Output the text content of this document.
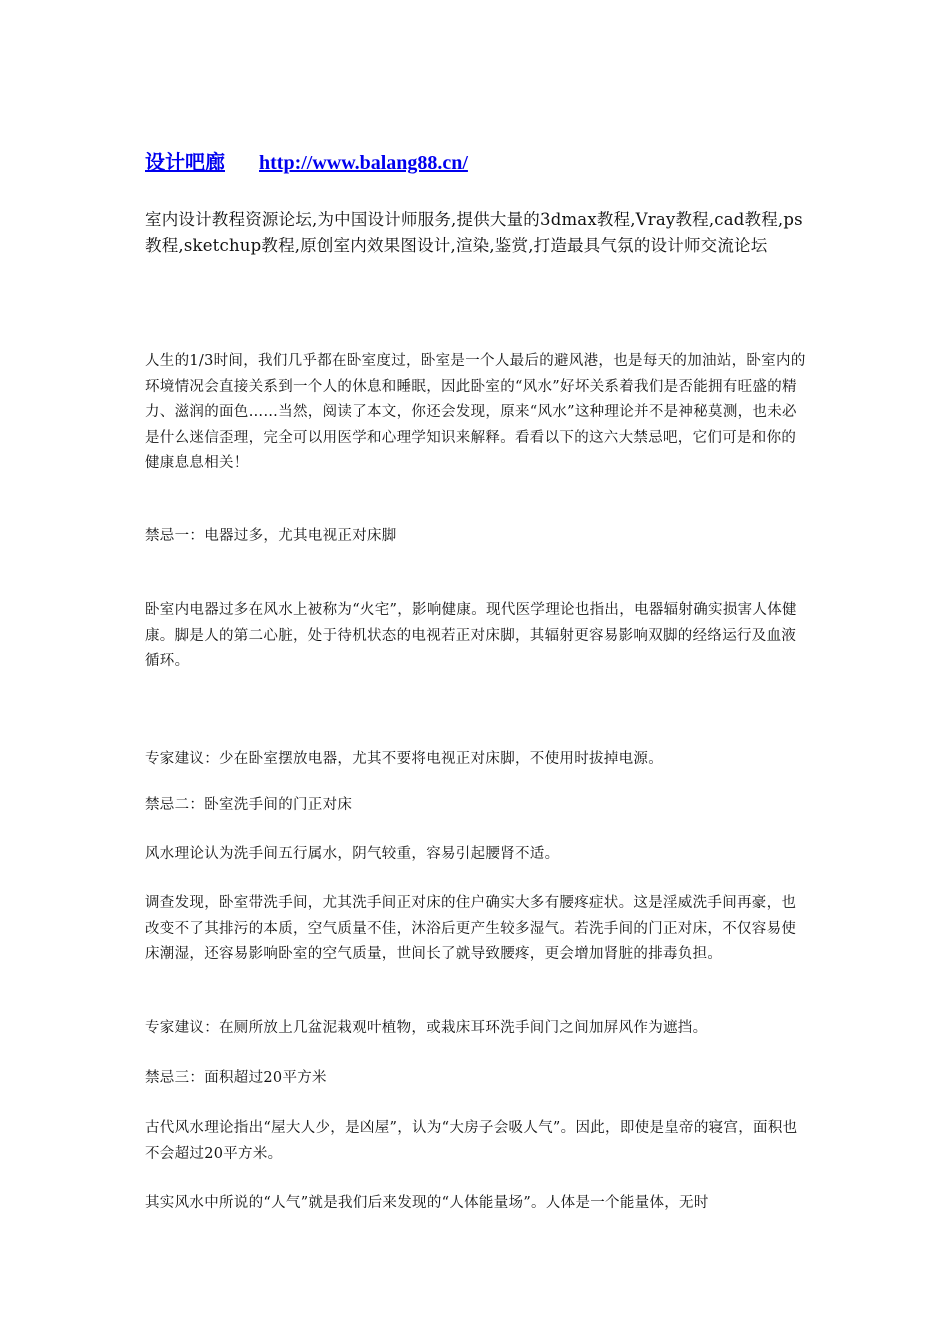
设计吧廊 http://www.balang88.cn/
室内设计教程资源论坛,为中国设计师服务,提供大量的3dmax教程,Vray教程,cad教程,ps教程,sketchup教程,原创室内效果图设计,渲染,鉴赏,打造最具气氛的设计师交流论坛

人生的1/3时间，我们几乎都在卧室度过，卧室是一个人最后的避风港，也是每天的加油站，卧室内的环境情况会直接关系到一个人的休息和睡眠，因此卧室的“风水”好坏关系着我们是否能拥有旺盛的精力、滋润的面色……当然，阅读了本文，你还会发现，原来“风水”这种理论并不是神秘莫测，也未必是什么迷信歪理，完全可以用医学和心理学知识来解释。看看以下的这六大禁忌吧，它们可是和你的健康息息相关！

禁忌一：电器过多，尤其电视正对床脚

卧室内电器过多在风水上被称为“火宅”，影响健康。现代医学理论也指出，电器辐射确实损害人体健康。脚是人的第二心脏，处于待机状态的电视若正对床脚，其辐射更容易影响双脚的经络运行及血液循环。

专家建议：少在卧室摆放电器，尤其不要将电视正对床脚，不使用时拔掉电源。

禁忌二：卧室洗手间的门正对床

风水理论认为洗手间五行属水，阴气较重，容易引起腰肾不适。

调查发现，卧室带洗手间，尤其洗手间正对床的住户确实大多有腰疼症状。这是淫威洗手间再豪，也改变不了其排污的本质，空气质量不佳，沐浴后更产生较多湿气。若洗手间的门正对床，不仅容易使床潮湿，还容易影响卧室的空气质量，世间长了就导致腰疼，更会增加肾脏的排毒负担。

专家建议：在厕所放上几盆泥栽观叶植物，或栽床耳环洗手间门之间加屏风作为遮挡。

禁忌三：面积超过20平方米

古代风水理论指出“屋大人少，是凶屋”，认为“大房子会吸人气”。因此，即使是皇帝的寝宫，面积也不会超过20平方米。

其实风水中所说的“人气”就是我们后来发现的“人体能量场”。人体是一个能量体，无时
